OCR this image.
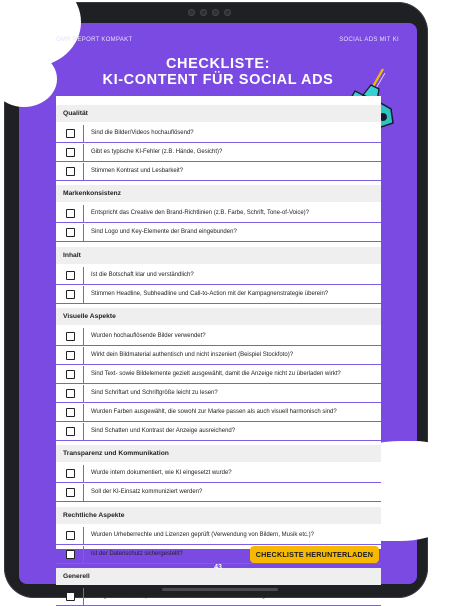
OMR REPORT KOMPAKT	SOCIAL ADS MIT KI
CHECKLISTE:
KI-CONTENT FÜR SOCIAL ADS
Qualität
Sind die Bilder/Videos hochauflösend?
Gibt es typische KI-Fehler (z.B. Hände, Gesicht)?
Stimmen Kontrast und Lesbarkeit?
Markenkonsistenz
Entspricht das Creative den Brand-Richtlinien (z.B. Farbe, Schrift, Tone-of-Voice)?
Sind Logo und Key-Elemente der Brand eingebunden?
Inhalt
Ist die Botschaft klar und verständlich?
Stimmen Headline, Subheadline und Call-to-Action mit der Kampagnenstrategie überein?
Visuelle Aspekte
Wurden hochauflösende Bilder verwendet?
Wirkt dein Bildmaterial authentisch und nicht inszeniert (Beispiel Stockfoto)?
Sind Text- sowie Bildelemente gezielt ausgewählt, damit die Anzeige nicht zu überladen wirkt?
Sind Schriftart und Schriftgröße leicht zu lesen?
Wurden Farben ausgewählt, die sowohl zur Marke passen als auch visuell harmonisch sind?
Sind Schatten und Kontrast der Anzeige ausreichend?
Transparenz und Kommunikation
Wurde intern dokumentiert, wie KI eingesetzt wurde?
Soll der KI-Einsatz kommuniziert werden?
Rechtliche Aspekte
Wurden Urheberrechte und Lizenzen geprüft (Verwendung von Bildern, Musik etc.)?
Ist der Datenschutz sichergestellt?
Generell
Erfolgte ein Check-up durch einen CustomGPT und ein Teammitglied?
CHECKLISTE HERUNTERLADEN
43
